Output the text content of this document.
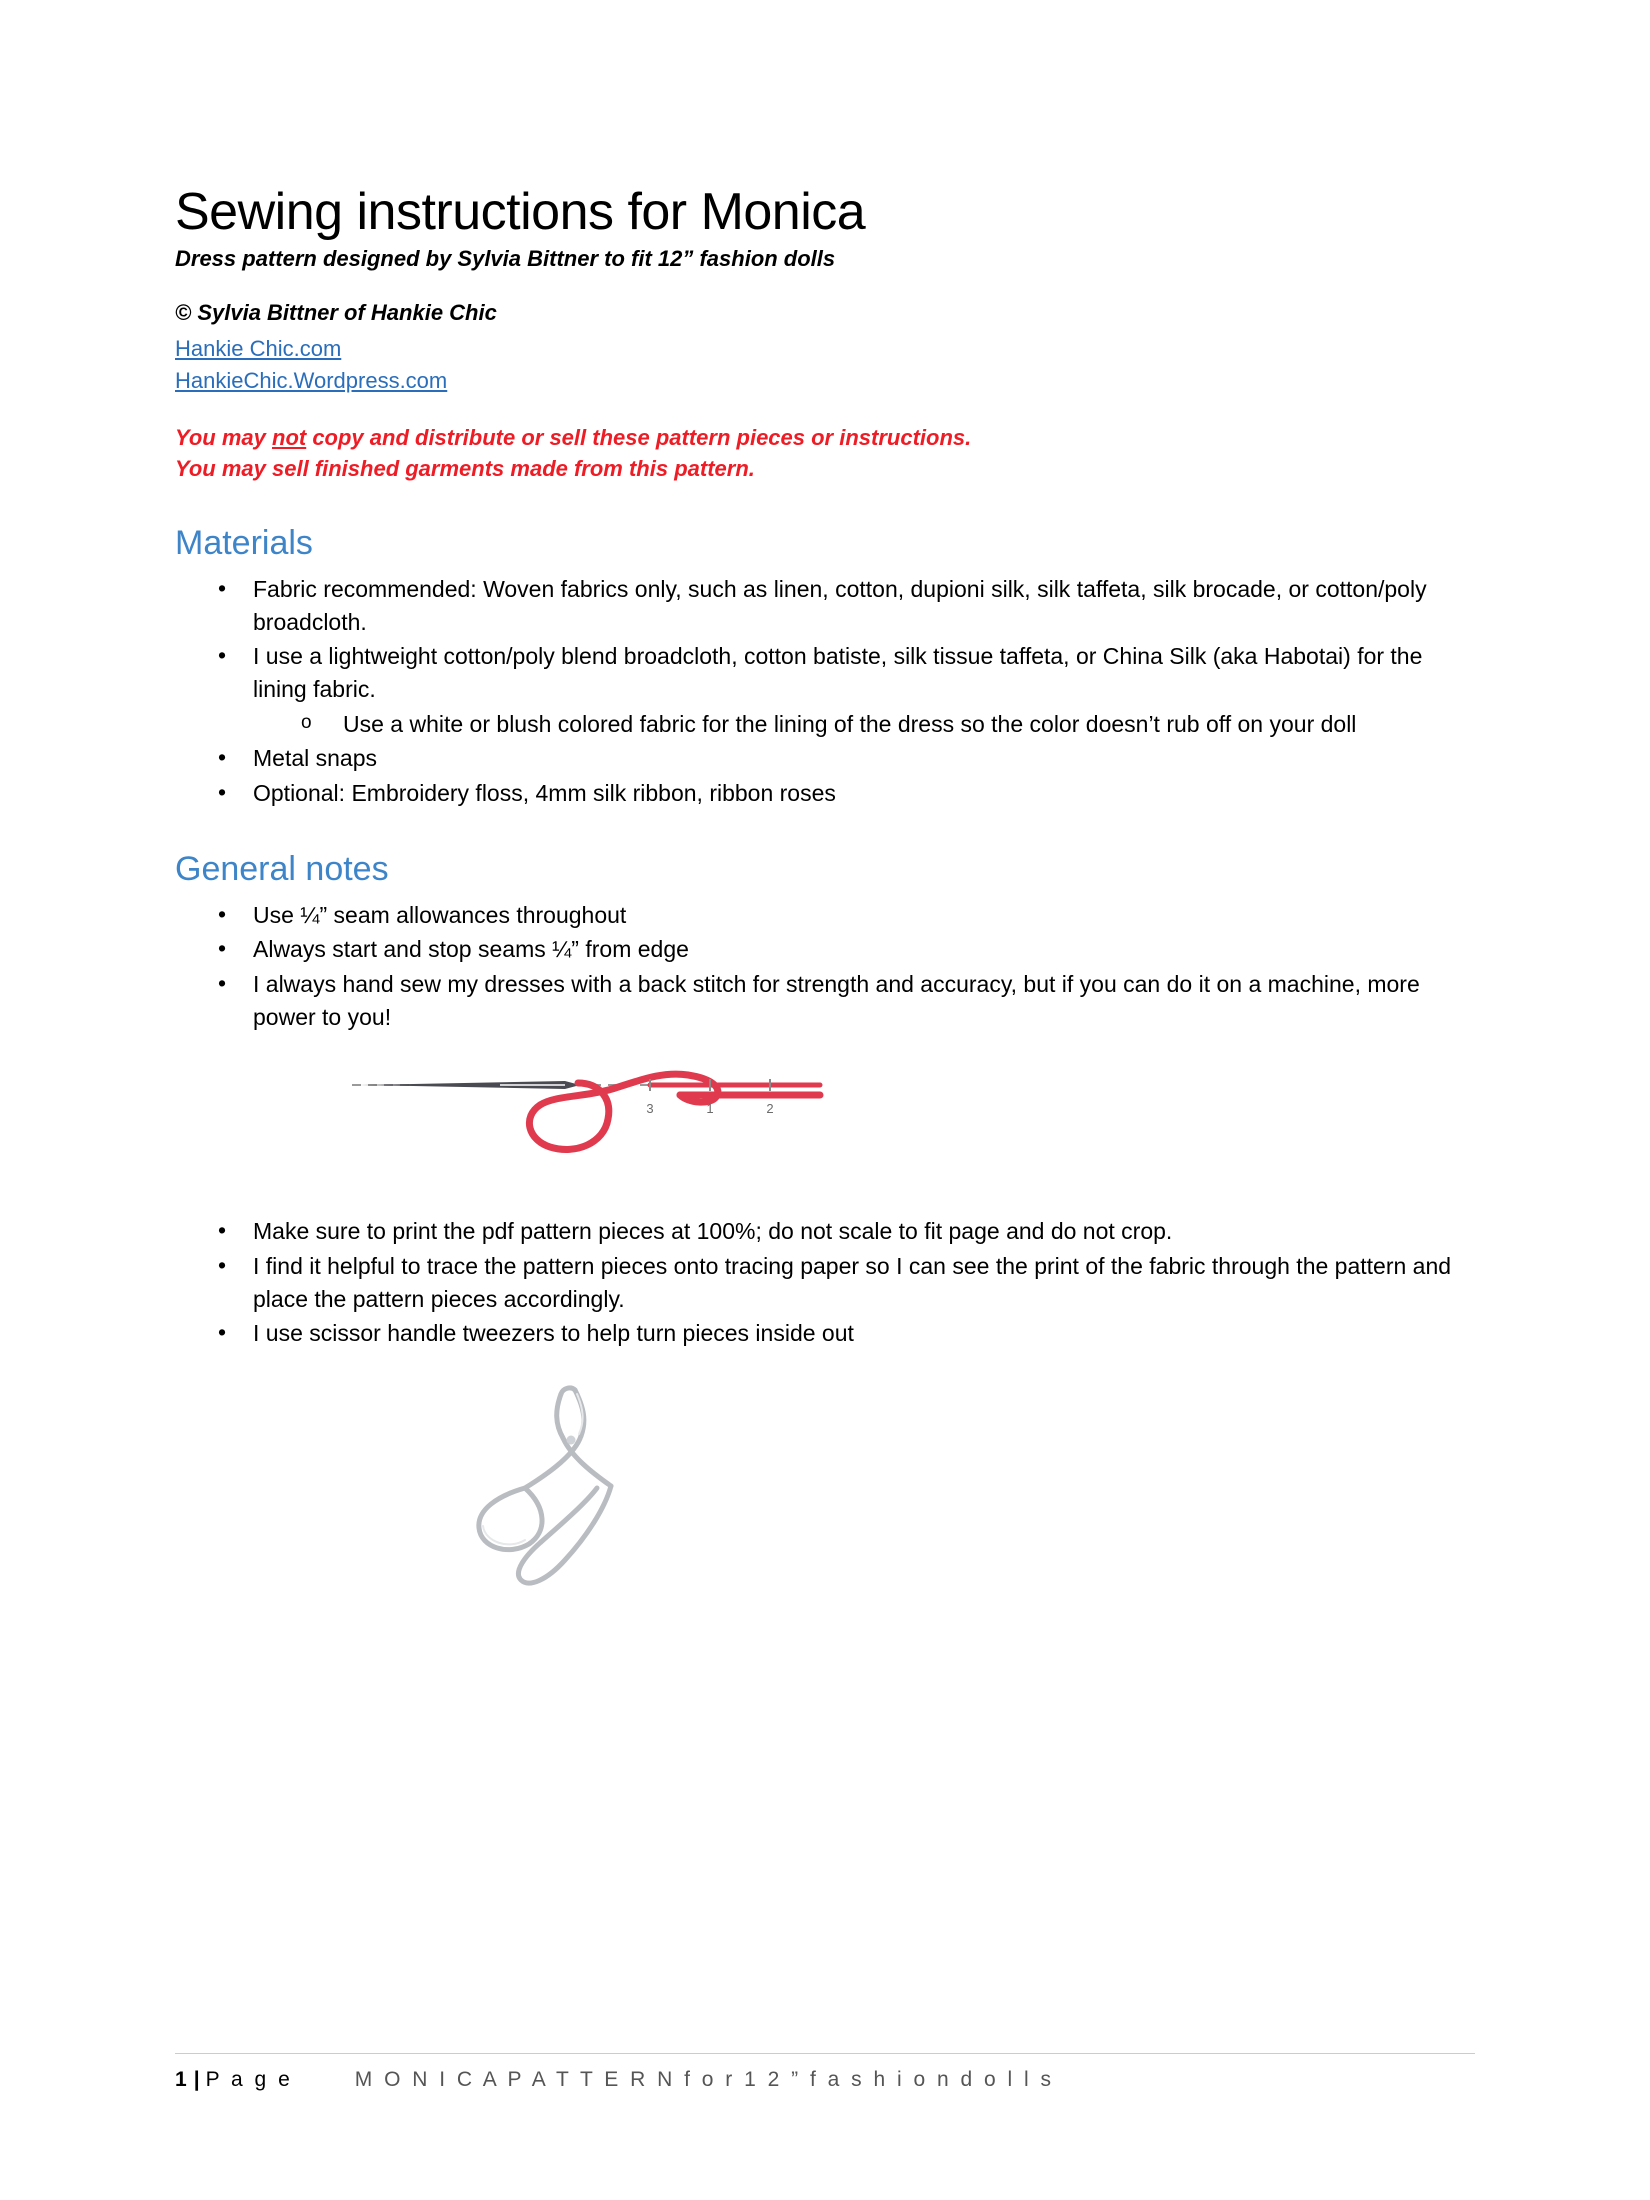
Sewing instructions for Monica
Dress pattern designed by Sylvia Bittner to fit 12” fashion dolls
© Sylvia Bittner of Hankie Chic
Hankie Chic.com
HankieChic.Wordpress.com
You may not copy and distribute or sell these pattern pieces or instructions.
You may sell finished garments made from this pattern.
Materials
• Fabric recommended: Woven fabrics only, such as linen, cotton, dupioni silk, silk taffeta, silk brocade, or cotton/poly broadcloth.
• I use a lightweight cotton/poly blend broadcloth, cotton batiste, silk tissue taffeta, or China Silk (aka Habotai) for the lining fabric.
o Use a white or blush colored fabric for the lining of the dress so the color doesn’t rub off on your doll
• Metal snaps
• Optional: Embroidery floss, 4mm silk ribbon, ribbon roses
General notes
• Use ¼” seam allowances throughout
• Always start and stop seams ¼” from edge
• I always hand sew my dresses with a back stitch for strength and accuracy, but if you can do it on a machine, more power to you!
3	1	2
• Make sure to print the pdf pattern pieces at 100%; do not scale to fit page and do not crop.
• I find it helpful to trace the pattern pieces onto tracing paper so I can see the print of the fabric through the pattern and place the pattern pieces accordingly.
• I use scissor handle tweezers to help turn pieces inside out
1 | P a g e	M O N I C A P A T T E R N f o r 1 2 ” f a s h i o n d o l l s
